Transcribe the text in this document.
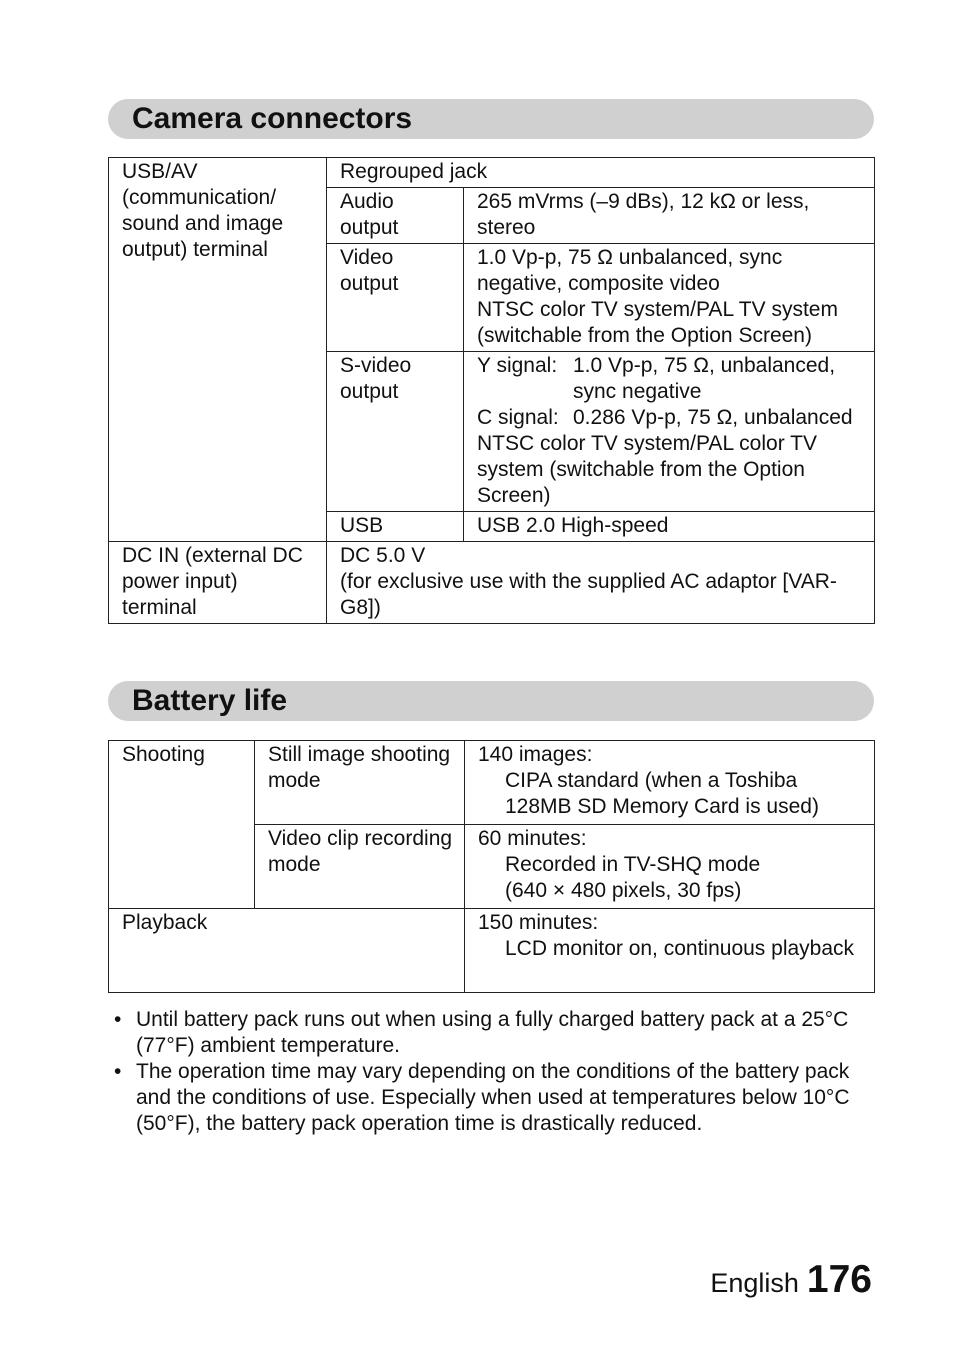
Camera connectors
USB/AV (communication/ sound and image output) terminal	Regrouped jack	
	Audio output	265 mVrms (–9 dBs), 12 kΩ or less, stereo
	Video output	1.0 Vp-p, 75 Ω unbalanced, sync negative, composite video
NTSC color TV system/PAL TV system (switchable from the Option Screen)

	S-video output	Y signal: 1.0 Vp-p, 75 Ω, unbalanced, sync negative
C signal: 0.286 Vp-p, 75 Ω, unbalanced
NTSC color TV system/PAL color TV system (switchable from the Option Screen)

	USB	USB 2.0 High-speed
DC IN (external DC power input) terminal	DC 5.0 V
(for exclusive use with the supplied AC adaptor [VAR-G8])	
Battery life
Shooting	Still image shooting mode	140 images:
CIPA standard (when a Toshiba 128MB SD Memory Card is used)

	Video clip recording mode	60 minutes:
Recorded in TV-SHQ mode
(640 × 480 pixels, 30 fps)

Playback		150 minutes:
LCD monitor on, continuous playback
• Until battery pack runs out when using a fully charged battery pack at a 25°C (77°F) ambient temperature.
• The operation time may vary depending on the conditions of the battery pack and the conditions of use. Especially when used at temperatures below 10°C (50°F), the battery pack operation time is drastically reduced.
English 176
